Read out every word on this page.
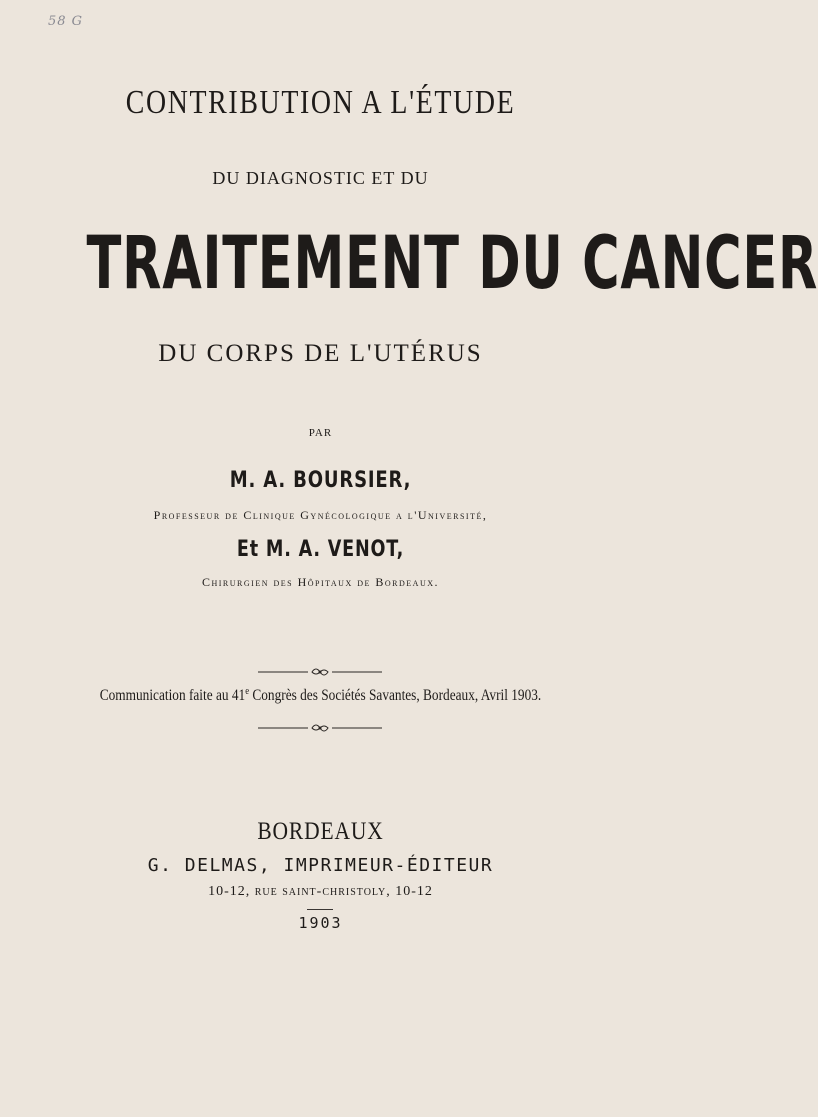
58 G
CONTRIBUTION A L'ÉTUDE
DU DIAGNOSTIC ET DU
TRAITEMENT DU CANCER
DU CORPS DE L'UTÉRUS
PAR
M. A. BOURSIER,
Professeur de Clinique Gynécologique a l'Université,
Et M. A. VENOT,
Chirurgien des Hôpitaux de Bordeaux.
Communication faite au 41e Congrès des Sociétés Savantes, Bordeaux, Avril 1903.
BORDEAUX
G. DELMAS, IMPRIMEUR-ÉDITEUR
10-12, rue saint-christoly, 10-12
1903
